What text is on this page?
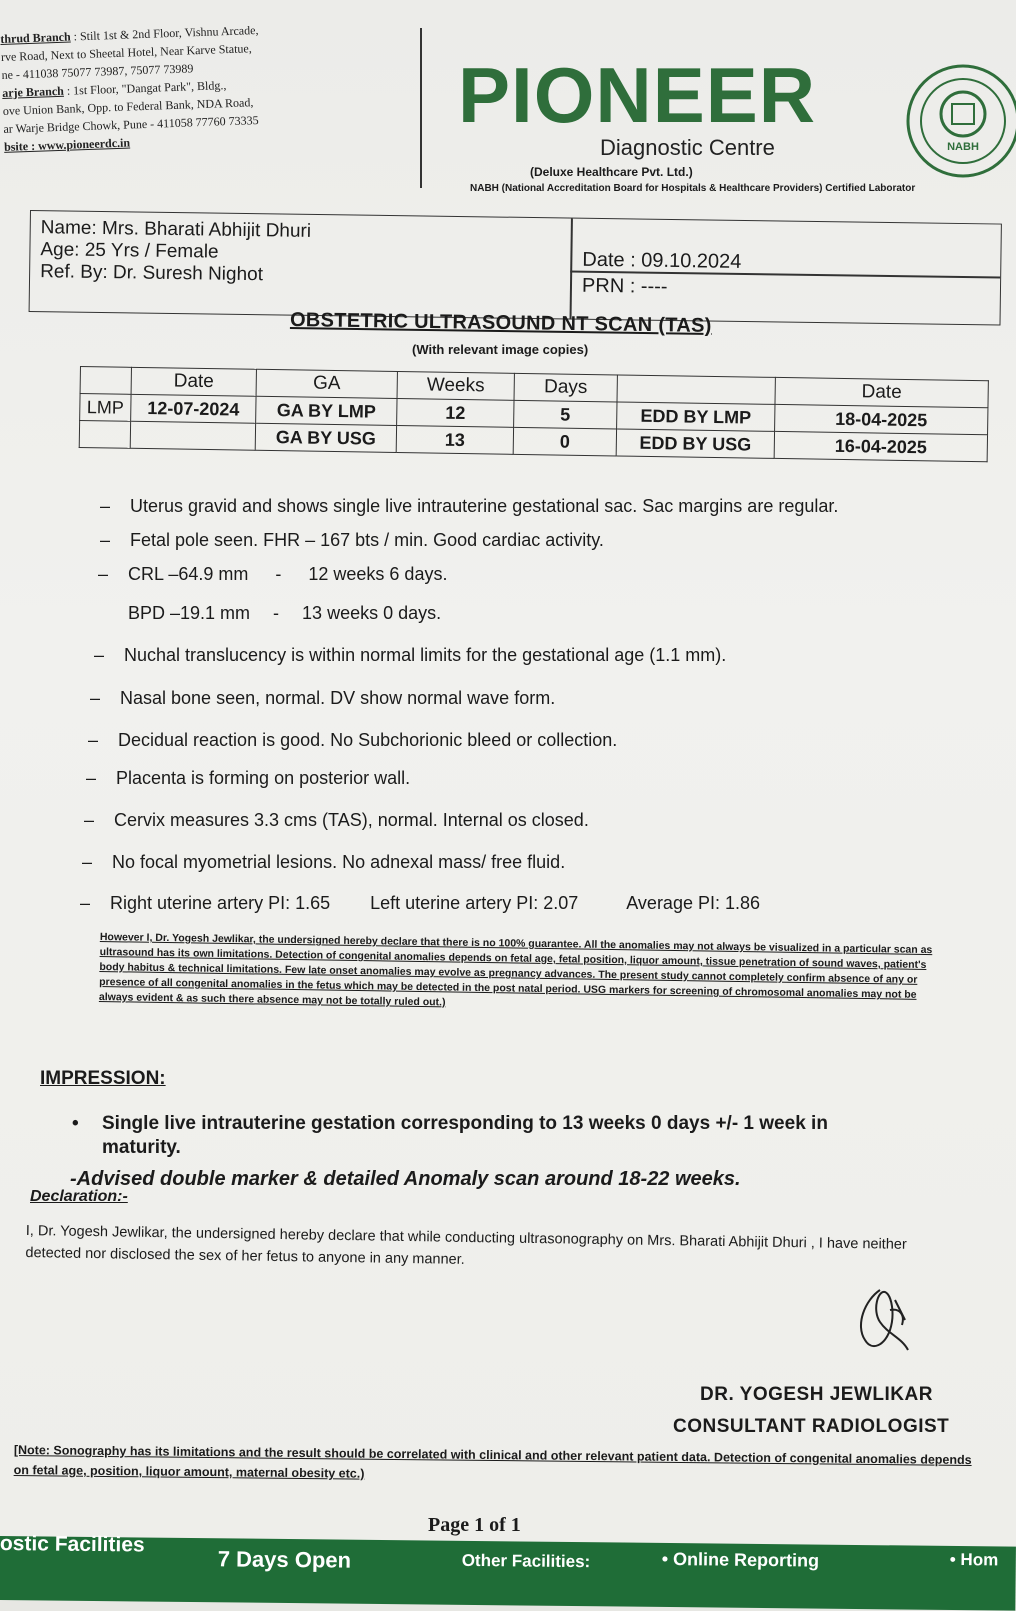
thrud Branch : Stilt 1st & 2nd Floor, Vishnu Arcade,
rve Road, Next to Sheetal Hotel, Near Karve Statue,
ne - 411038 75077 73987, 75077 73989
arje Branch : 1st Floor, "Dangat Park", Bldg.,
ove Union Bank, Opp. to Federal Bank, NDA Road,
ar Warje Bridge Chowk, Pune - 411058 77760 73335
bsite : www.pioneerdc.in
PIONEER
Diagnostic Centre
(Deluxe Healthcare Pvt. Ltd.)
NABH (National Accreditation Board for Hospitals & Healthcare Providers) Certified Laborator
NABH
Name: Mrs. Bharati Abhijit Dhuri
Age: 25 Yrs / Female
Ref. By: Dr. Suresh Nighot
Date : 09.10.2024
PRN : ----
OBSTETRIC ULTRASOUND NT SCAN (TAS)
(With relevant image copies)
	Date	GA	Weeks	Days		Date
LMP	12-07-2024	GA BY LMP	12	5	EDD BY LMP	18-04-2025
		GA BY USG	13	0	EDD BY USG	16-04-2025
– Uterus gravid and shows single live intrauterine gestational sac. Sac margins are regular.
– Fetal pole seen. FHR – 167 bts / min. Good cardiac activity.
– CRL –64.9 mm - 12 weeks 6 days.
BPD –19.1 mm - 13 weeks 0 days.
– Nuchal translucency is within normal limits for the gestational age (1.1 mm).
– Nasal bone seen, normal. DV show normal wave form.
– Decidual reaction is good. No Subchorionic bleed or collection.
– Placenta is forming on posterior wall.
– Cervix measures 3.3 cms (TAS), normal. Internal os closed.
– No focal myometrial lesions. No adnexal mass/ free fluid.
– Right uterine artery PI: 1.65 Left uterine artery PI: 2.07	Average PI: 1.86
However I, Dr. Yogesh Jewlikar, the undersigned hereby declare that there is no 100% guarantee. All the anomalies may not always be visualized in a particular scan as ultrasound has its own limitations. Detection of congenital anomalies depends on fetal age, fetal position, liquor amount, tissue penetration of sound waves, patient's body habitus & technical limitations. Few late onset anomalies may evolve as pregnancy advances. The present study cannot completely confirm absence of any or presence of all congenital anomalies in the fetus which may be detected in the post natal period. USG markers for screening of chromosomal anomalies may not be always evident & as such there absence may not be totally ruled out.)
IMPRESSION:
• Single live intrauterine gestation corresponding to 13 weeks 0 days +/- 1 week in maturity.
-Advised double marker & detailed Anomaly scan around 18-22 weeks.
Declaration:-
I, Dr. Yogesh Jewlikar, the undersigned hereby declare that while conducting ultrasonography on Mrs. Bharati Abhijit Dhuri , I have neither detected nor disclosed the sex of her fetus to anyone in any manner.
DR. YOGESH JEWLIKAR
CONSULTANT RADIOLOGIST
[Note: Sonography has its limitations and the result should be correlated with clinical and other relevant patient data. Detection of congenital anomalies depends on fetal age, position, liquor amount, maternal obesity etc.)
Page 1 of 1
ostic Facilities
7 Days Open	Other Facilities:	• Online Reporting	• Hom
